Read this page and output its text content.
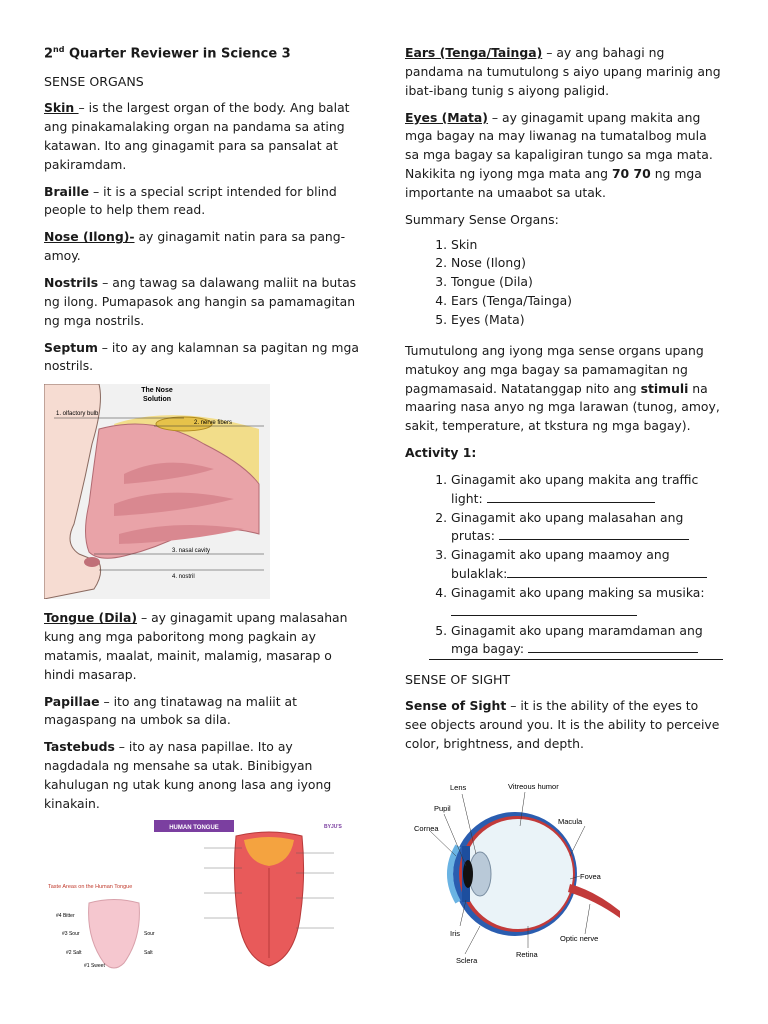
2nd Quarter Reviewer in Science 3

SENSE ORGANS

Skin – is the largest organ of the body. Ang balat ang pinakamalaking organ na pandama sa ating katawan. Ito ang ginagamit para sa pansalat at pakiramdam.

Braille – it is a special script intended for blind people to help them read.

Nose (Ilong)- ay ginagamit natin para sa pang-amoy.

Nostrils – ang tawag sa dalawang maliit na butas ng ilong. Pumapasok ang hangin sa pamamagitan ng mga nostrils.

Septum – ito ay ang kalamnan sa pagitan ng mga nostrils.

The Nose
Solution
1. olfactory bulb
2. nerve fibers
3. nasal cavity
4. nostril

Tongue (Dila) – ay ginagamit upang malasahan kung ang mga paboritong mong pagkain ay matamis, maalat, mainit, malamig, masarap o hindi masarap.

Papillae – ito ang tinatawag na maliit at magaspang na umbok sa dila.

Tastebuds – ito ay nasa papillae. Ito ay nagdadala ng mensahe sa utak. Binibigyan kahulugan ng utak kung anong lasa ang iyong kinakain.

Taste Areas on the Human Tongue
#4 Bitter
#3 Sour	Sour
#2 Salt	Salt
#1 Sweet
HUMAN TONGUE	BYJU'S

Ears (Tenga/Tainga) – ay ang bahagi ng pandama na tumutulong s aiyo upang marinig ang ibat-ibang tunig s aiyong paligid.

Eyes (Mata) – ay ginagamit upang makita ang mga bagay na may liwanag na tumatalbog mula sa mga bagay sa kapaligiran tungo sa mga mata. Nakikita ng iyong mga mata ang 70 70 ng mga importante na umaabot sa utak.

Summary Sense Organs:

1. Skin
2. Nose (Ilong)
3. Tongue (Dila)
4. Ears (Tenga/Tainga)
5. Eyes (Mata)

Tumutulong ang iyong mga sense organs upang matukoy ang mga bagay sa pamamagitan ng pagmamasaid. Natatanggap nito ang stimuli na maaring nasa anyo ng mga larawan (tunog, amoy, sakit, temperature, at tkstura ng mga bagay).

Activity 1:

1. Ginagamit ako upang makita ang traffic light:
2. Ginagamit ako upang malasahan ang prutas:
3. Ginagamit ako upang maamoy ang bulaklak:
4. Ginagamit ako upang making sa musika:
5. Ginagamit ako upang maramdaman ang mga bagay:

SENSE OF SIGHT

Sense of Sight – it is the ability of the eyes to see objects around you. It is the ability to perceive color, brightness, and depth.

Lens	Vitreous humor
Pupil
Macula
Cornea
Fovea
Iris
Optic nerve
Retina
Sclera
